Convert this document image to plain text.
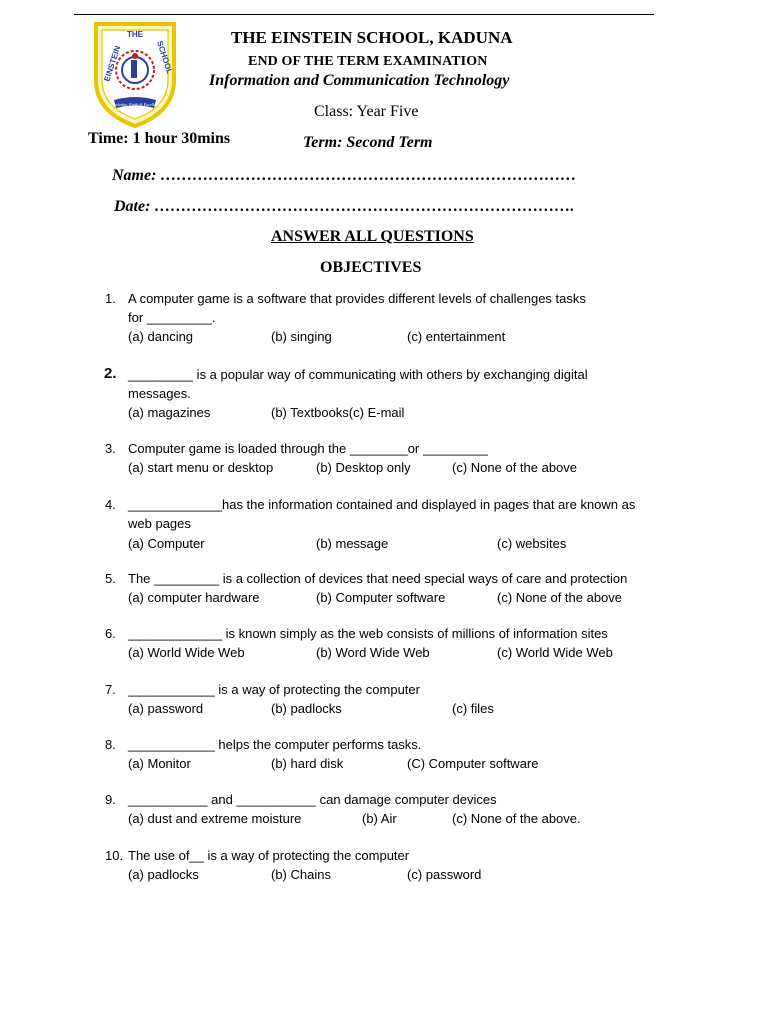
THE
EINSTEIN	SCHOOL
Knowledge, Faith & Excellence
THE EINSTEIN SCHOOL, KADUNA
END OF THE TERM EXAMINATION
Information and Communication Technology
Class: Year Five
Time: 1 hour 30mins	Term: Second Term
Name: ……………………………………………………………………
Date: …………………………………………………………………….
ANSWER ALL QUESTIONS
OBJECTIVES
1. A computer game is a software that provides different levels of challenges tasks
for _________.
(a) dancing	(b) singing	(c) entertainment
2. _________ is a popular way of communicating with others by exchanging digital
messages.
(a) magazines	(b) Textbooks(c) E-mail
3. Computer game is loaded through the ________or _________
(a) start menu or desktop	(b) Desktop only	(c) None of the above
4. _____________has the information contained and displayed in pages that are known as
web pages
(a) Computer	(b) message	(c) websites
5. The _________ is a collection of devices that need special ways of care and protection
(a) computer hardware	(b) Computer software	(c) None of the above
6. _____________ is known simply as the web consists of millions of information sites
(a) World Wide Web	(b) Word Wide Web	(c) World Wide Web
7. ____________ is a way of protecting the computer
(a) password	(b) padlocks	(c) files
8. ____________ helps the computer performs tasks.
(a) Monitor	(b) hard disk	(C) Computer software
9. ___________ and ___________ can damage computer devices
(a) dust and extreme moisture	(b) Air	(c) None of the above.
10. The use of__ is a way of protecting the computer
(a) padlocks	(b) Chains	(c) password
